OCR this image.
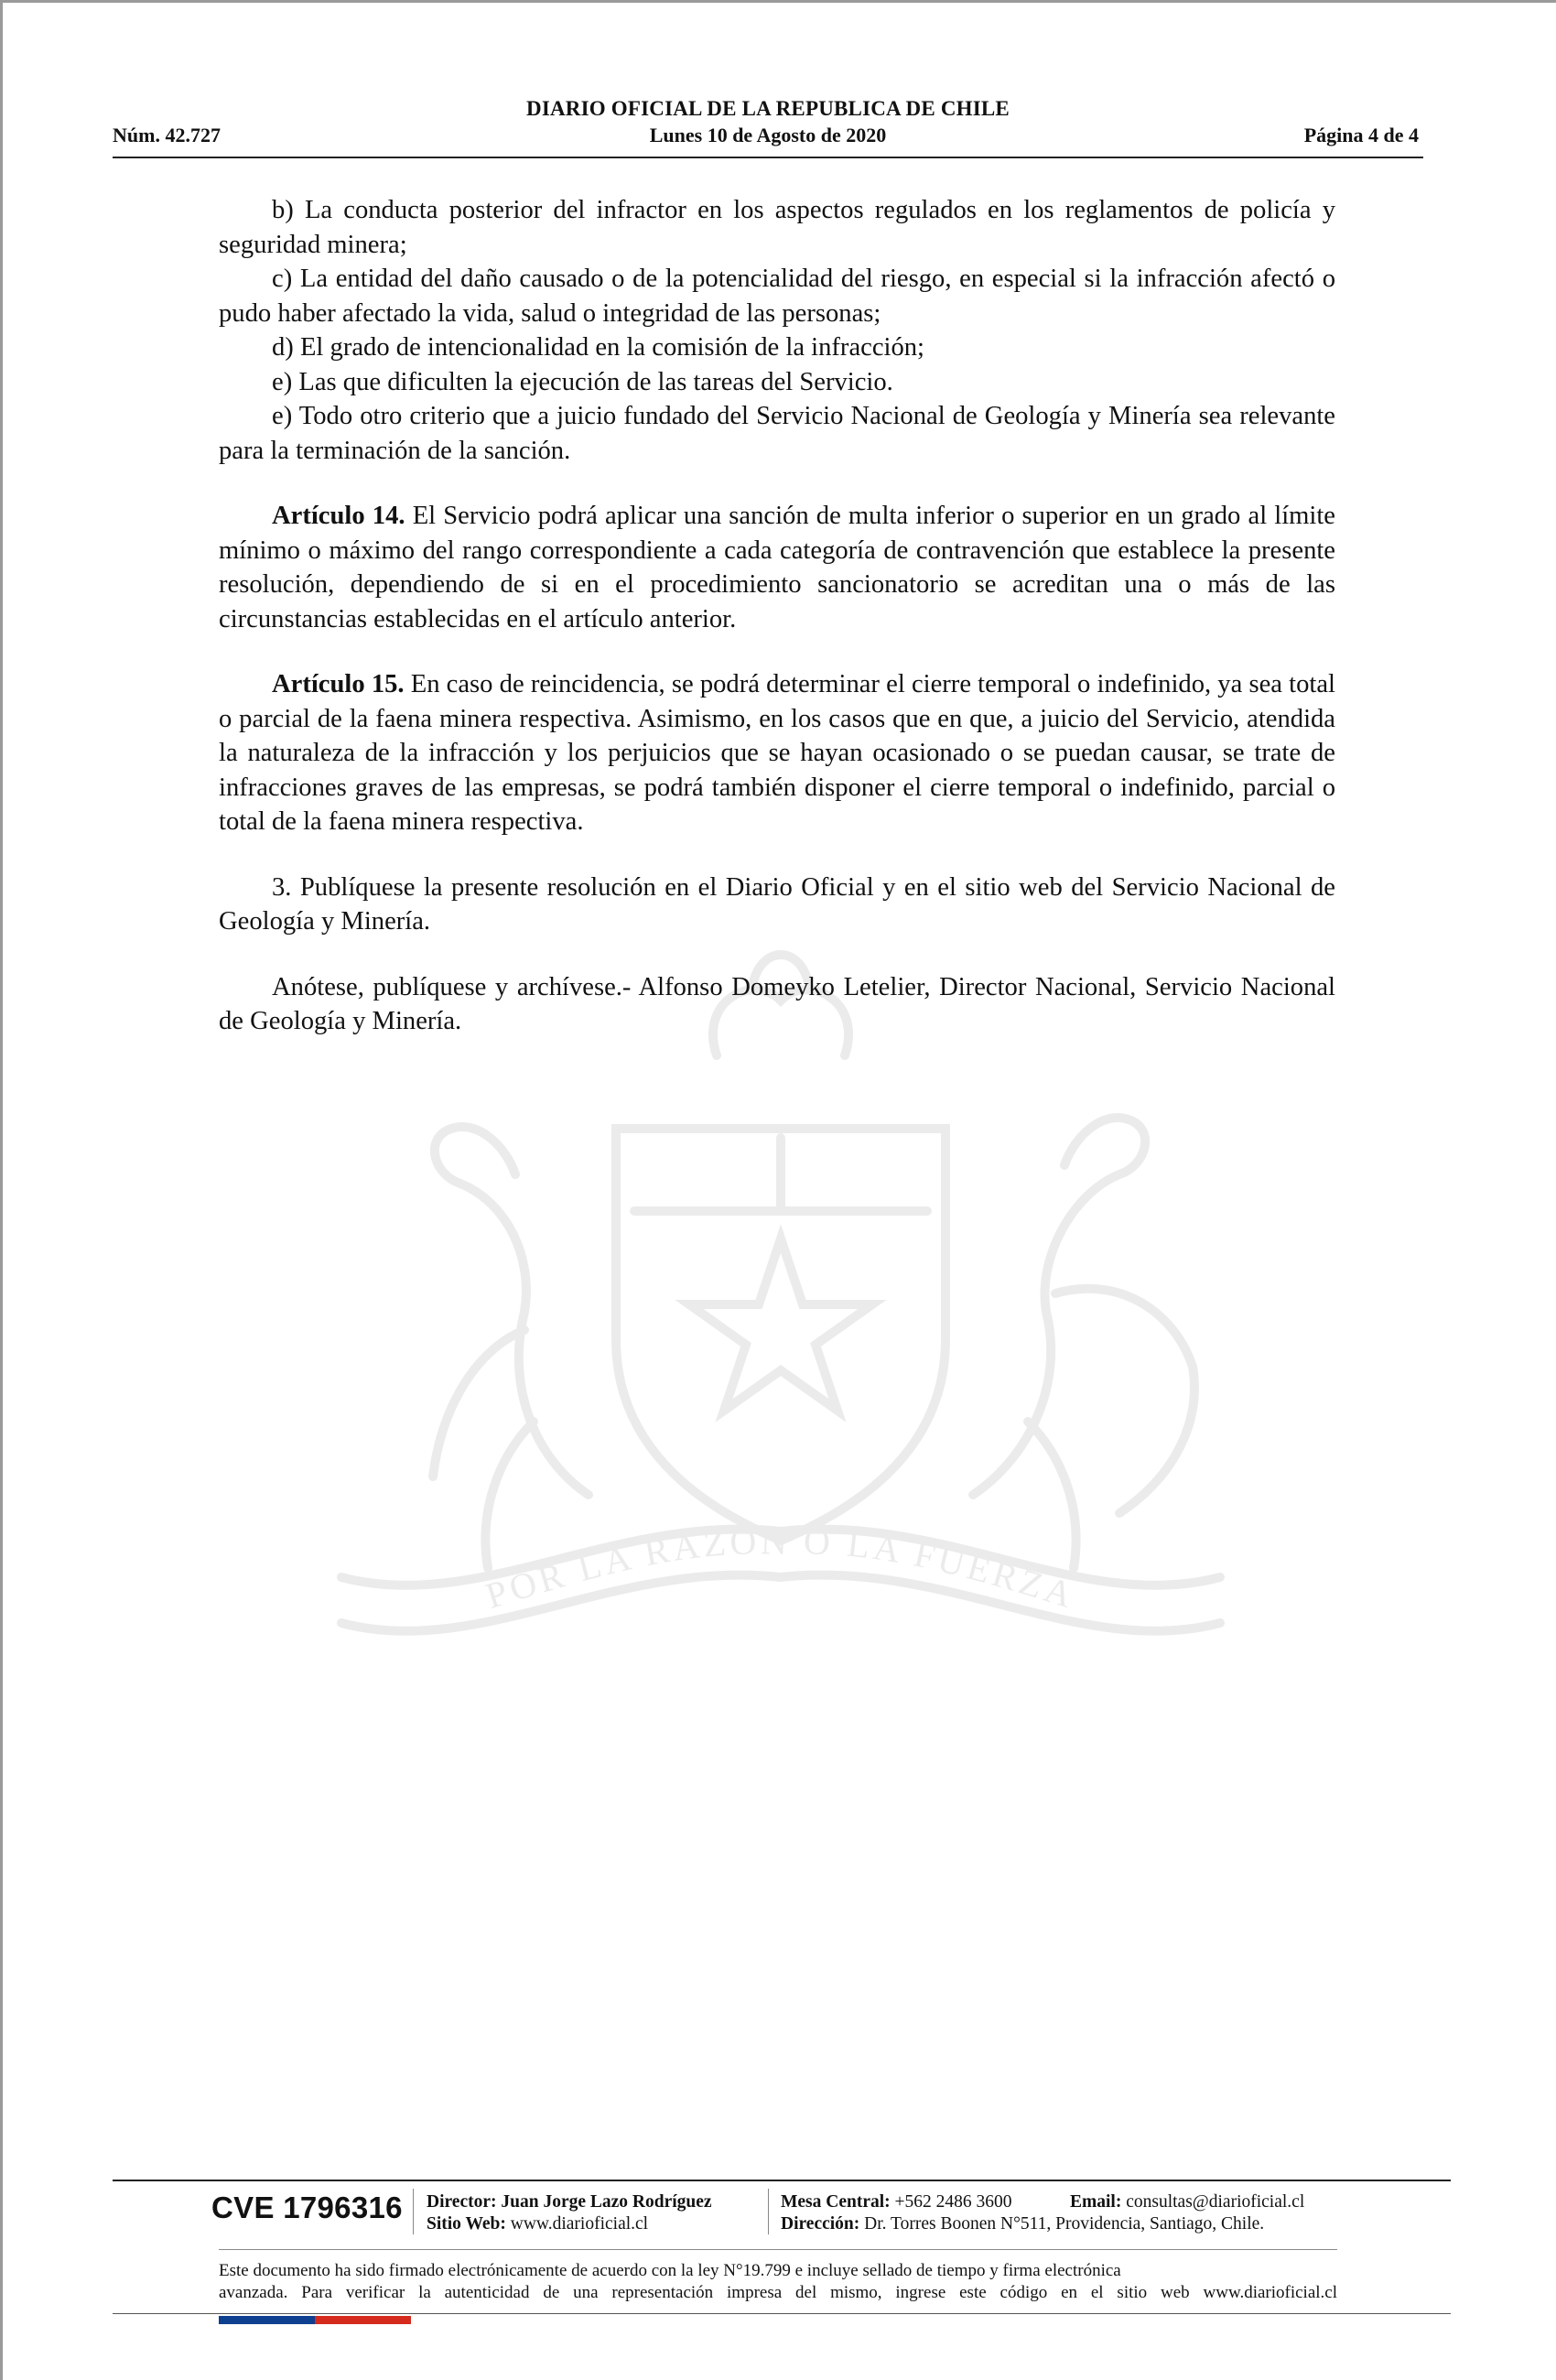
DIARIO OFICIAL DE LA REPUBLICA DE CHILE
Núm. 42.727	Lunes 10 de Agosto de 2020	Página 4 de 4
POR LA RAZON O LA FUERZA

b) La conducta posterior del infractor en los aspectos regulados en los reglamentos de policía y seguridad minera;

c) La entidad del daño causado o de la potencialidad del riesgo, en especial si la infracción afectó o pudo haber afectado la vida, salud o integridad de las personas;

d) El grado de intencionalidad en la comisión de la infracción;

e) Las que dificulten la ejecución de las tareas del Servicio.

e) Todo otro criterio que a juicio fundado del Servicio Nacional de Geología y Minería sea relevante para la terminación de la sanción.

Artículo 14. El Servicio podrá aplicar una sanción de multa inferior o superior en un grado al límite mínimo o máximo del rango correspondiente a cada categoría de contravención que establece la presente resolución, dependiendo de si en el procedimiento sancionatorio se acreditan una o más de las circunstancias establecidas en el artículo anterior.

Artículo 15. En caso de reincidencia, se podrá determinar el cierre temporal o indefinido, ya sea total o parcial de la faena minera respectiva. Asimismo, en los casos que en que, a juicio del Servicio, atendida la naturaleza de la infracción y los perjuicios que se hayan ocasionado o se puedan causar, se trate de infracciones graves de las empresas, se podrá también disponer el cierre temporal o indefinido, parcial o total de la faena minera respectiva.

3. Publíquese la presente resolución en el Diario Oficial y en el sitio web del Servicio Nacional de Geología y Minería.

Anótese, publíquese y archívese.- Alfonso Domeyko Letelier, Director Nacional, Servicio Nacional de Geología y Minería.

CVE 1796316 Director: Juan Jorge Lazo Rodríguez
Sitio Web: www.diarioficial.cl
Mesa Central: +562 2486 3600	Email: consultas@diarioficial.cl
Dirección: Dr. Torres Boonen N°511, Providencia, Santiago, Chile.
Este documento ha sido firmado electrónicamente de acuerdo con la ley N°19.799 e incluye sellado de tiempo y firma electrónica
avanzada. Para verificar la autenticidad de una representación impresa del mismo, ingrese este código en el sitio web www.diarioficial.cl
